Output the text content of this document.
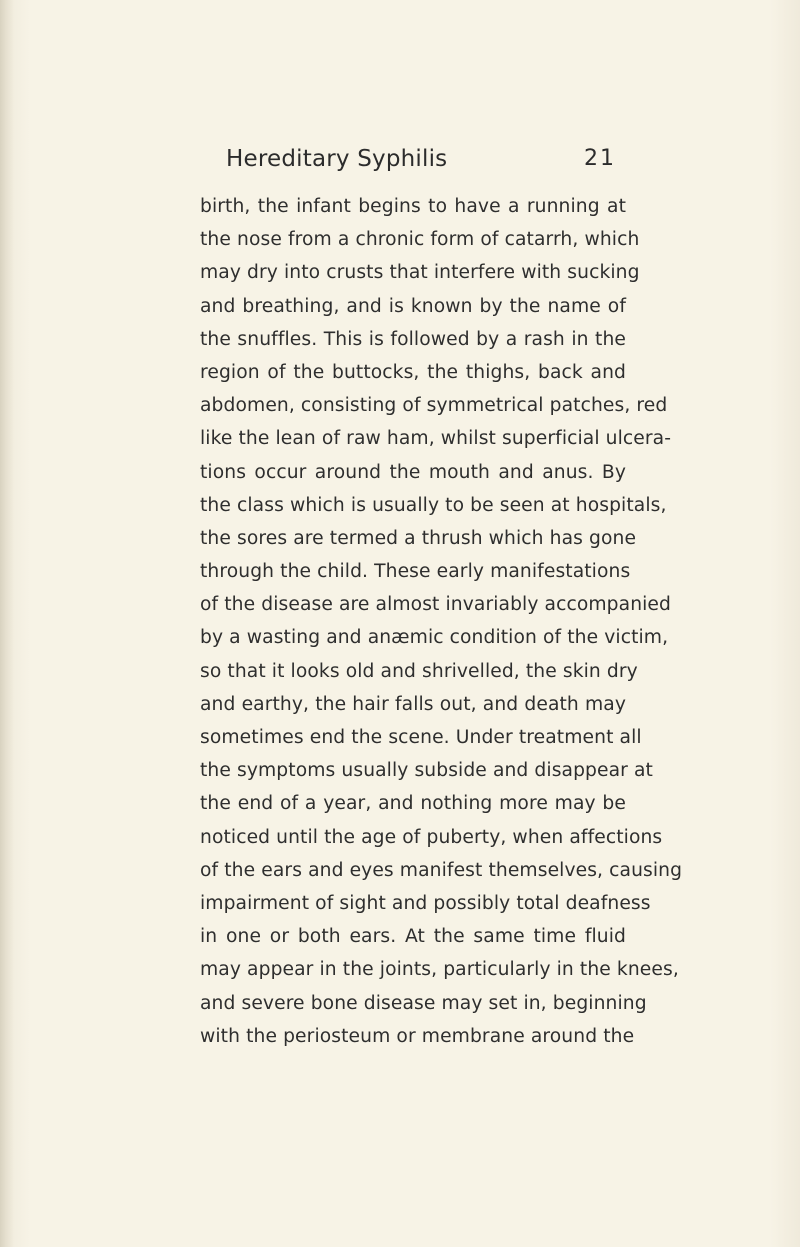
Hereditary Syphilis	21
birth, the infant begins to have a running at
the nose from a chronic form of catarrh, which
may dry into crusts that interfere with sucking
and breathing, and is known by the name of
the snuffles. This is followed by a rash in the
region of the buttocks, the thighs, back and
abdomen, consisting of symmetrical patches, red
like the lean of raw ham, whilst superficial ulcera-
tions occur around the mouth and anus. By
the class which is usually to be seen at hospitals,
the sores are termed a thrush which has gone
through the child. These early manifestations
of the disease are almost invariably accompanied
by a wasting and anæmic condition of the victim,
so that it looks old and shrivelled, the skin dry
and earthy, the hair falls out, and death may
sometimes end the scene. Under treatment all
the symptoms usually subside and disappear at
the end of a year, and nothing more may be
noticed until the age of puberty, when affections
of the ears and eyes manifest themselves, causing
impairment of sight and possibly total deafness
in one or both ears. At the same time fluid
may appear in the joints, particularly in the knees,
and severe bone disease may set in, beginning
with the periosteum or membrane around the
